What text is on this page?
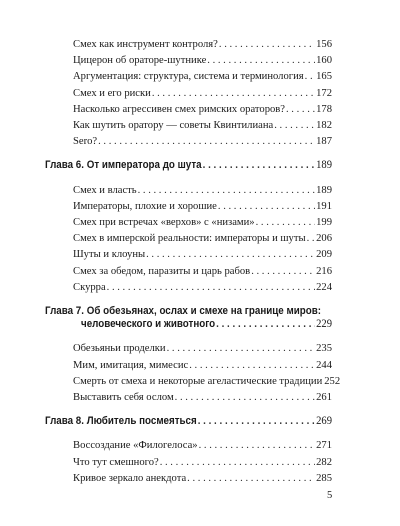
Смех как инструмент контроля? . . .	156
Цицерон об ораторе-шутнике . . .	160
Аргументация: структура, система и терминология . . . 165
Смех и его риски . . .	172
Насколько агрессивен смех римских ораторов? . . .	178
Как шутить оратору — советы Квинтилиана . . .	182
Sero? . . .	187
Глава 6. От императора до шута . . .	189
Смех и власть . . .	189
Императоры, плохие и хорошие . . .	191
Смех при встречах «верхов» с «низами» . . .	199
Смех в имперской реальности: императоры и шуты . . . 206
Шуты и клоуны . . .	209
Смех за обедом, паразиты и царь рабов . . .	216
Скурра . . .	224
Глава 7. Об обезьянах, ослах и смехе на границе миров:
человеческого и животного . . .	229
Обезьяньи проделки . . .	235
Мим, имитация, мимесис . . .	244
Смерть от смеха и некоторые агеластические традиции 252
Выставить себя ослом . . .	261
Глава 8. Любитель посмеяться . . .	269
Воссоздание «Филогелоса» . . .	271
Что тут смешного? . . .	282
Кривое зеркало анекдота . . .	285
5
